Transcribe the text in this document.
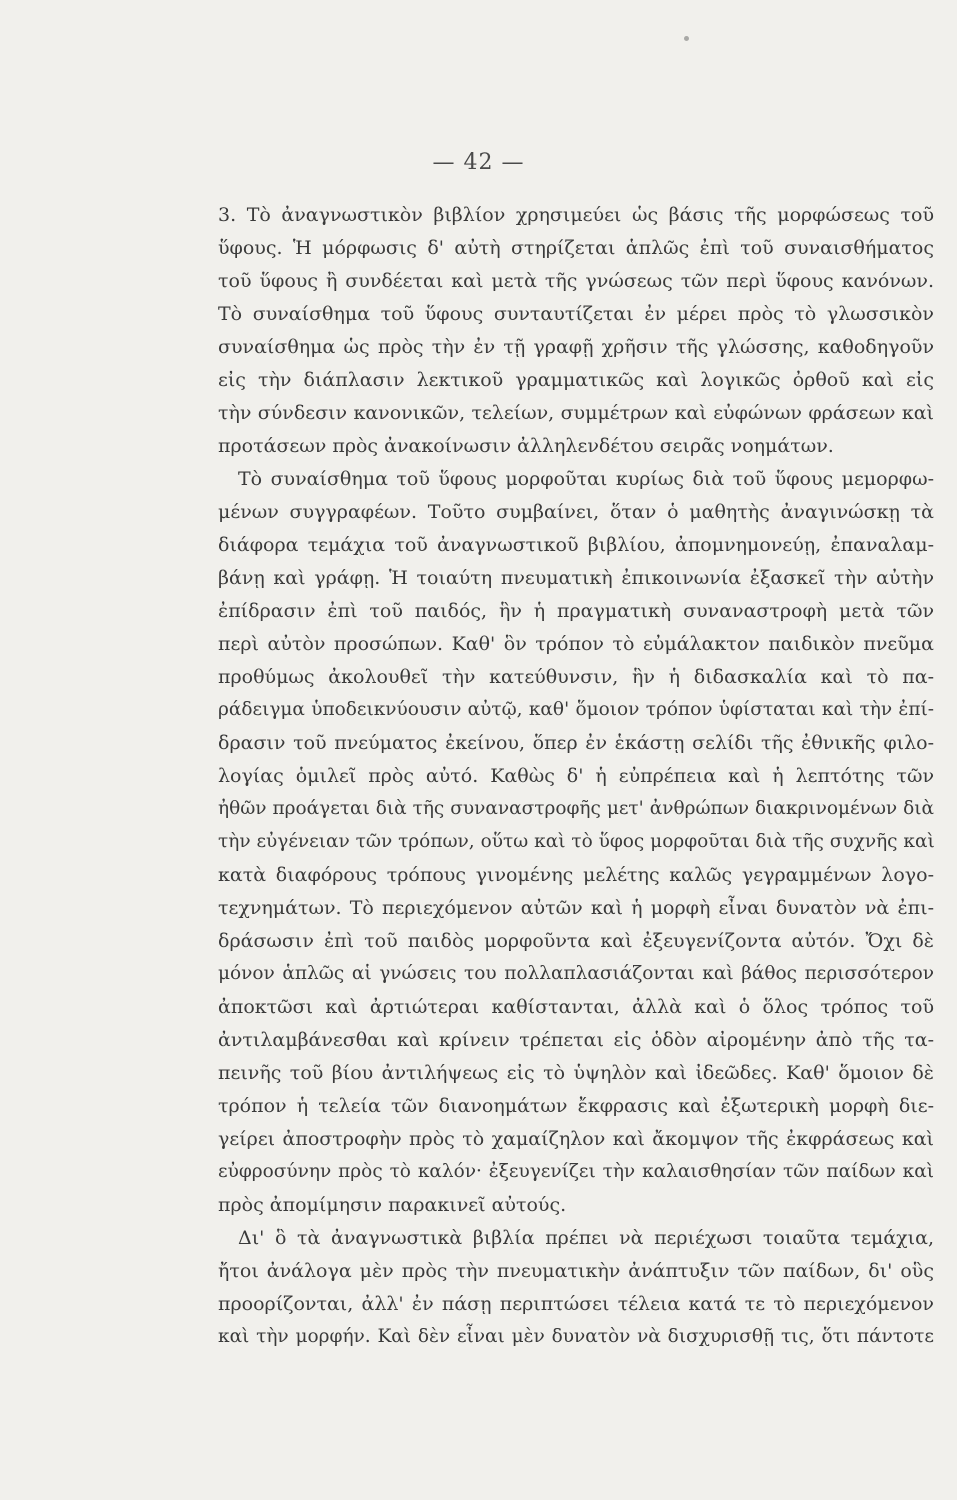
— 42 —
3. Τὸ ἀναγνωστικὸν βιβλίον χρησιμεύει ὡς βάσις τῆς μορφώσεως τοῦ
ὕφους. Ἡ μόρφωσις δ' αὐτὴ στηρίζεται ἁπλῶς ἐπὶ τοῦ συναισθήματος
τοῦ ὕφους ἢ συνδέεται καὶ μετὰ τῆς γνώσεως τῶν περὶ ὕφους κανόνων.
Τὸ συναίσθημα τοῦ ὕφους συνταυτίζεται ἐν μέρει πρὸς τὸ γλωσσικὸν
συναίσθημα ὡς πρὸς τὴν ἐν τῇ γραφῇ χρῆσιν τῆς γλώσσης, καθοδηγοῦν
εἰς τὴν διάπλασιν λεκτικοῦ γραμματικῶς καὶ λογικῶς ὀρθοῦ καὶ εἰς
τὴν σύνδεσιν κανονικῶν, τελείων, συμμέτρων καὶ εὐφώνων φράσεων καὶ
προτάσεων πρὸς ἀνακοίνωσιν ἀλληλενδέτου σειρᾶς νοημάτων.
Τὸ συναίσθημα τοῦ ὕφους μορφοῦται κυρίως διὰ τοῦ ὕφους μεμορφω-
μένων συγγραφέων. Τοῦτο συμβαίνει, ὅταν ὁ μαθητὴς ἀναγινώσκῃ τὰ
διάφορα τεμάχια τοῦ ἀναγνωστικοῦ βιβλίου, ἀπομνημονεύῃ, ἐπαναλαμ-
βάνῃ καὶ γράφῃ. Ἡ τοιαύτη πνευματικὴ ἐπικοινωνία ἐξασκεῖ τὴν αὐτὴν
ἐπίδρασιν ἐπὶ τοῦ παιδός, ἣν ἡ πραγματικὴ συναναστροφὴ μετὰ τῶν
περὶ αὐτὸν προσώπων. Καθ' ὃν τρόπον τὸ εὐμάλακτον παιδικὸν πνεῦμα
προθύμως ἀκολουθεῖ τὴν κατεύθυνσιν, ἣν ἡ διδασκαλία καὶ τὸ πα-
ράδειγμα ὑποδεικνύουσιν αὐτῷ, καθ' ὅμοιον τρόπον ὑφίσταται καὶ τὴν ἐπί-
δρασιν τοῦ πνεύματος ἐκείνου, ὅπερ ἐν ἑκάστῃ σελίδι τῆς ἐθνικῆς φιλο-
λογίας ὁμιλεῖ πρὸς αὐτό. Καθὼς δ' ἡ εὐπρέπεια καὶ ἡ λεπτότης τῶν
ἠθῶν προάγεται διὰ τῆς συναναστροφῆς μετ' ἀνθρώπων διακρινομένων διὰ
τὴν εὐγένειαν τῶν τρόπων, οὕτω καὶ τὸ ὕφος μορφοῦται διὰ τῆς συχνῆς καὶ
κατὰ διαφόρους τρόπους γινομένης μελέτης καλῶς γεγραμμένων λογο-
τεχνημάτων. Τὸ περιεχόμενον αὐτῶν καὶ ἡ μορφὴ εἶναι δυνατὸν νὰ ἐπι-
δράσωσιν ἐπὶ τοῦ παιδὸς μορφοῦντα καὶ ἐξευγενίζοντα αὐτόν. Ὄχι δὲ
μόνον ἁπλῶς αἱ γνώσεις του πολλαπλασιάζονται καὶ βάθος περισσότερον
ἀποκτῶσι καὶ ἀρτιώτεραι καθίστανται, ἀλλὰ καὶ ὁ ὅλος τρόπος τοῦ
ἀντιλαμβάνεσθαι καὶ κρίνειν τρέπεται εἰς ὁδὸν αἰρομένην ἀπὸ τῆς τα-
πεινῆς τοῦ βίου ἀντιλήψεως εἰς τὸ ὑψηλὸν καὶ ἰδεῶδες. Καθ' ὅμοιον δὲ
τρόπον ἡ τελεία τῶν διανοημάτων ἔκφρασις καὶ ἐξωτερικὴ μορφὴ διε-
γείρει ἀποστροφὴν πρὸς τὸ χαμαίζηλον καὶ ἄκομψον τῆς ἐκφράσεως καὶ
εὐφροσύνην πρὸς τὸ καλόν· ἐξευγενίζει τὴν καλαισθησίαν τῶν παίδων καὶ
πρὸς ἀπομίμησιν παρακινεῖ αὐτούς.
Δι' ὃ τὰ ἀναγνωστικὰ βιβλία πρέπει νὰ περιέχωσι τοιαῦτα τεμάχια,
ἤτοι ἀνάλογα μὲν πρὸς τὴν πνευματικὴν ἀνάπτυξιν τῶν παίδων, δι' οὓς
προορίζονται, ἀλλ' ἐν πάσῃ περιπτώσει τέλεια κατά τε τὸ περιεχόμενον
καὶ τὴν μορφήν. Καὶ δὲν εἶναι μὲν δυνατὸν νὰ δισχυρισθῇ τις, ὅτι πάντοτε
